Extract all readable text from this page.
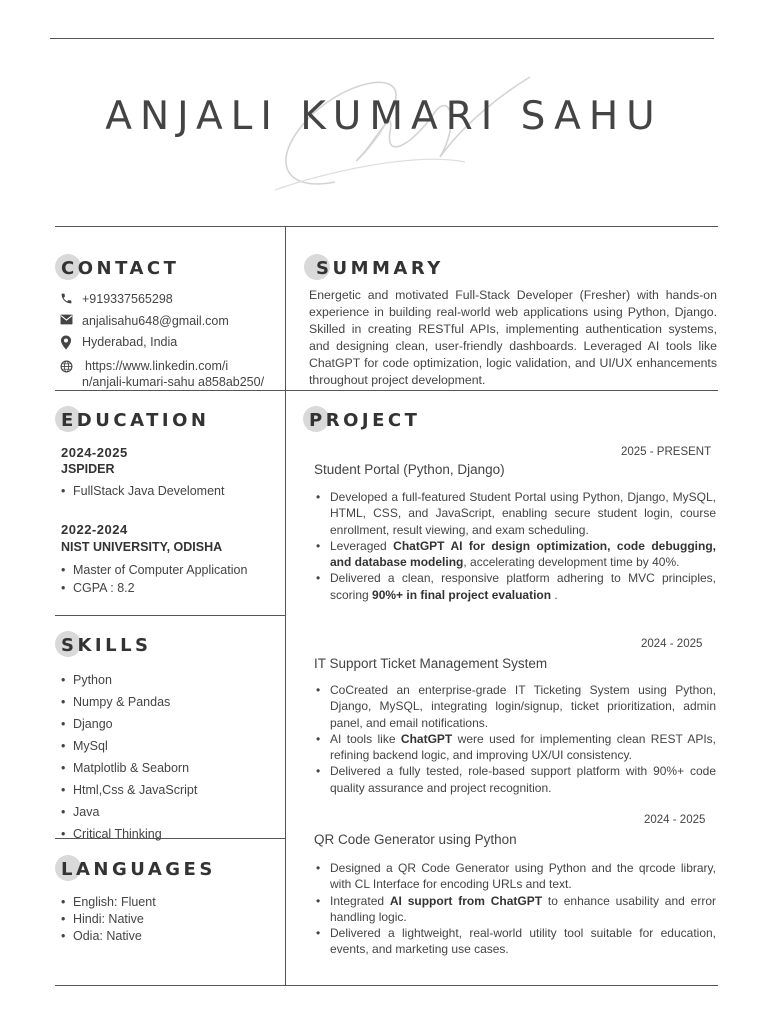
ANJALI KUMARI SAHU
CONTACT
+919337565298
anjalisahu648@gmail.com
Hyderabad, India
https://www.linkedin.com/i
n/anjali-kumari-sahu a858ab250/
EDUCATION
2024-2025
JSPIDER
• FullStack Java Develoment
2022-2024
NIST UNIVERSITY, ODISHA
• Master of Computer Application
• CGPA : 8.2
SKILLS
• Python
• Numpy & Pandas
• Django
• MySql
• Matplotlib & Seaborn
• Html,Css & JavaScript
• Java
• Critical Thinking
LANGUAGES
• English: Fluent
• Hindi: Native
• Odia: Native
SUMMARY
Energetic and motivated Full-Stack Developer (Fresher) with hands-on experience in building real-world web applications using Python, Django. Skilled in creating RESTful APIs, implementing authentication systems, and designing clean, user-friendly dashboards. Leveraged AI tools like ChatGPT for code optimization, logic validation, and UI/UX enhancements throughout project development.
PROJECT
2025 - PRESENT
Student Portal (Python, Django)
• Developed a full-featured Student Portal using Python, Django, MySQL, HTML, CSS, and JavaScript, enabling secure student login, course enrollment, result viewing, and exam scheduling.
• Leveraged ChatGPT AI for design optimization, code debugging, and database modeling, accelerating development time by 40%.
• Delivered a clean, responsive platform adhering to MVC principles, scoring 90%+ in final project evaluation .
2024 - 2025
IT Support Ticket Management System
• CoCreated an enterprise-grade IT Ticketing System using Python, Django, MySQL, integrating login/signup, ticket prioritization, admin panel, and email notifications.
• AI tools like ChatGPT were used for implementing clean REST APIs, refining backend logic, and improving UX/UI consistency.
• Delivered a fully tested, role-based support platform with 90%+ code quality assurance and project recognition.
2024 - 2025
QR Code Generator using Python
• Designed a QR Code Generator using Python and the qrcode library, with CL Interface for encoding URLs and text.
• Integrated AI support from ChatGPT to enhance usability and error handling logic.
• Delivered a lightweight, real-world utility tool suitable for education, events, and marketing use cases.
